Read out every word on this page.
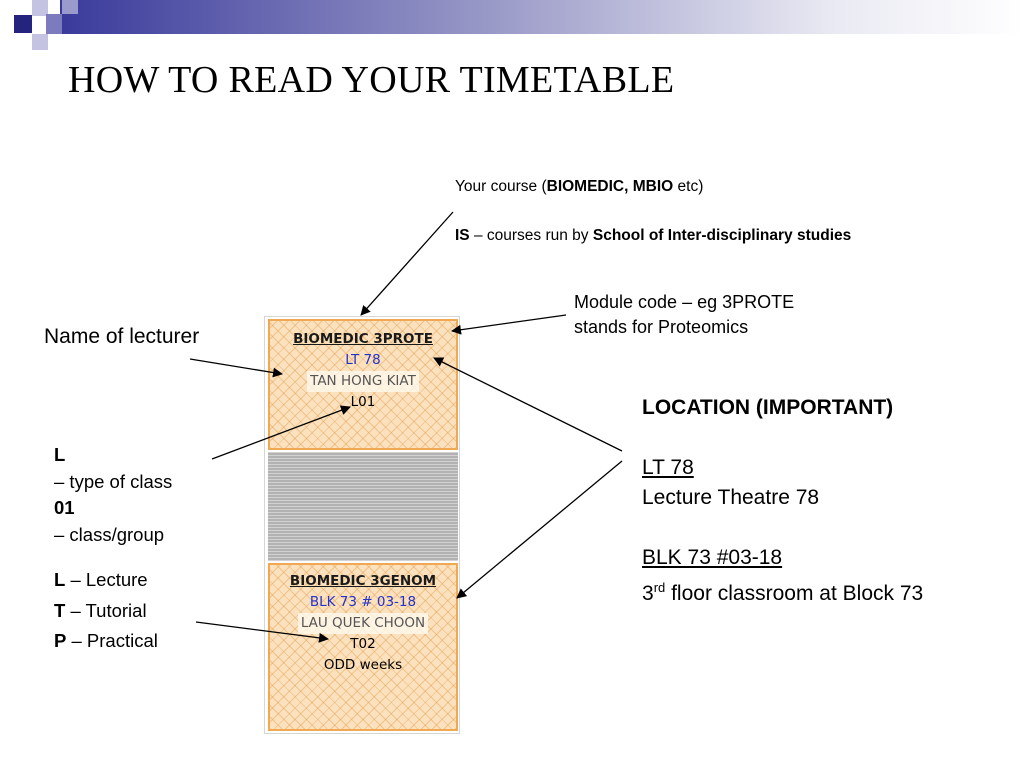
HOW TO READ YOUR TIMETABLE

Your course (BIOMEDIC, MBIO etc)

IS – courses run by School of Inter-disciplinary studies

Module code – eg 3PROTE

stands for Proteomics

Name of lecturer

L

– type of class

01

– class/group

L – Lecture

T – Tutorial

P – Practical

LOCATION (IMPORTANT)

LT 78

Lecture Theatre 78

BLK 73 #03-18

3rd floor classroom at Block 73

BIOMEDIC 3PROTE
LT 78
TAN HONG KIAT
L01
BIOMEDIC 3GENOM
BLK 73 # 03-18
LAU QUEK CHOON
T02
ODD weeks
